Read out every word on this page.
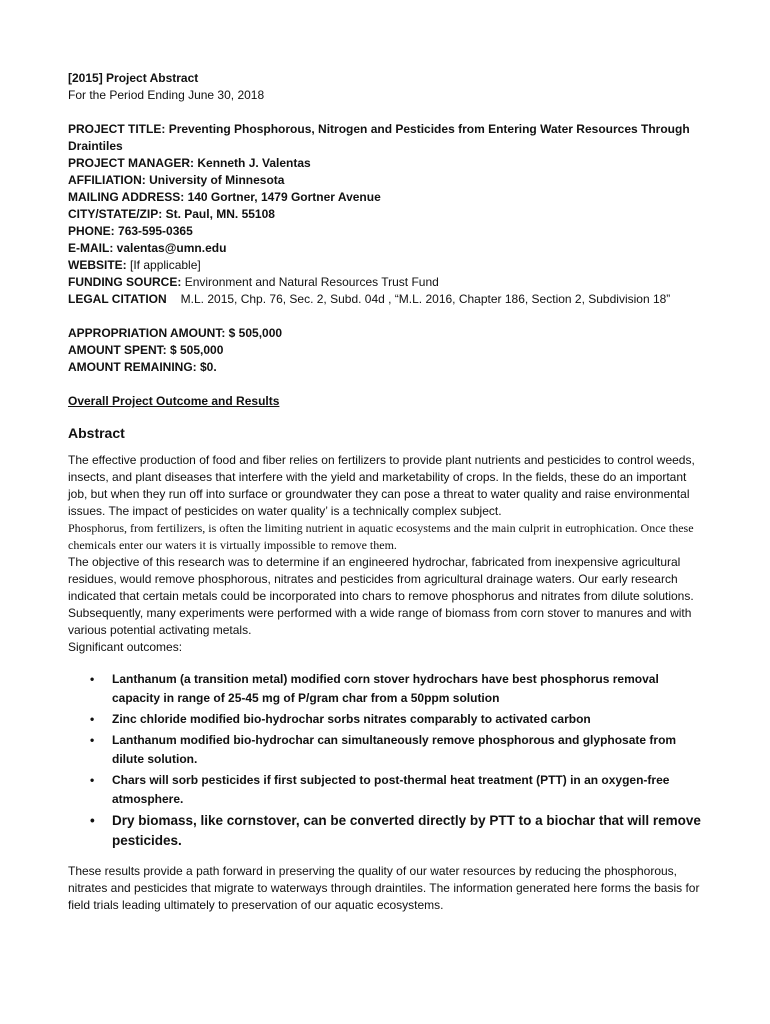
[2015] Project Abstract

For the Period Ending June 30, 2018

PROJECT TITLE: Preventing Phosphorous, Nitrogen and Pesticides from Entering Water Resources Through Draintiles

PROJECT MANAGER: Kenneth J. Valentas

AFFILIATION: University of Minnesota

MAILING ADDRESS: 140 Gortner, 1479 Gortner Avenue

CITY/STATE/ZIP: St. Paul, MN. 55108

PHONE: 763-595-0365

E-MAIL: valentas@umn.edu

WEBSITE: [If applicable]

FUNDING SOURCE: Environment and Natural Resources Trust Fund

LEGAL CITATION M.L. 2015, Chp. 76, Sec. 2, Subd. 04d , “M.L. 2016, Chapter 186, Section 2, Subdivision 18”

APPROPRIATION AMOUNT: $ 505,000

AMOUNT SPENT: $ 505,000

AMOUNT REMAINING: $0.

Overall Project Outcome and Results

Abstract

The effective production of food and fiber relies on fertilizers to provide plant nutrients and pesticides to control weeds, insects, and plant diseases that interfere with the yield and marketability of crops. In the fields, these do an important job, but when they run off into surface or groundwater they can pose a threat to water quality and raise environmental issues. The impact of pesticides on water quality’ is a technically complex subject.

Phosphorus, from fertilizers, is often the limiting nutrient in aquatic ecosystems and the main culprit in eutrophication. Once these chemicals enter our waters it is virtually impossible to remove them.

The objective of this research was to determine if an engineered hydrochar, fabricated from inexpensive agricultural residues, would remove phosphorous, nitrates and pesticides from agricultural drainage waters. Our early research indicated that certain metals could be incorporated into chars to remove phosphorus and nitrates from dilute solutions. Subsequently, many experiments were performed with a wide range of biomass from corn stover to manures and with various potential activating metals.

Significant outcomes:

• Lanthanum (a transition metal) modified corn stover hydrochars have best phosphorus removal capacity in range of 25-45 mg of P/gram char from a 50ppm solution
• Zinc chloride modified bio-hydrochar sorbs nitrates comparably to activated carbon
• Lanthanum modified bio-hydrochar can simultaneously remove phosphorous and glyphosate from dilute solution.
• Chars will sorb pesticides if first subjected to post-thermal heat treatment (PTT) in an oxygen-free atmosphere.
• Dry biomass, like cornstover, can be converted directly by PTT to a biochar that will remove pesticides.

These results provide a path forward in preserving the quality of our water resources by reducing the phosphorous, nitrates and pesticides that migrate to waterways through draintiles. The information generated here forms the basis for field trials leading ultimately to preservation of our aquatic ecosystems.
